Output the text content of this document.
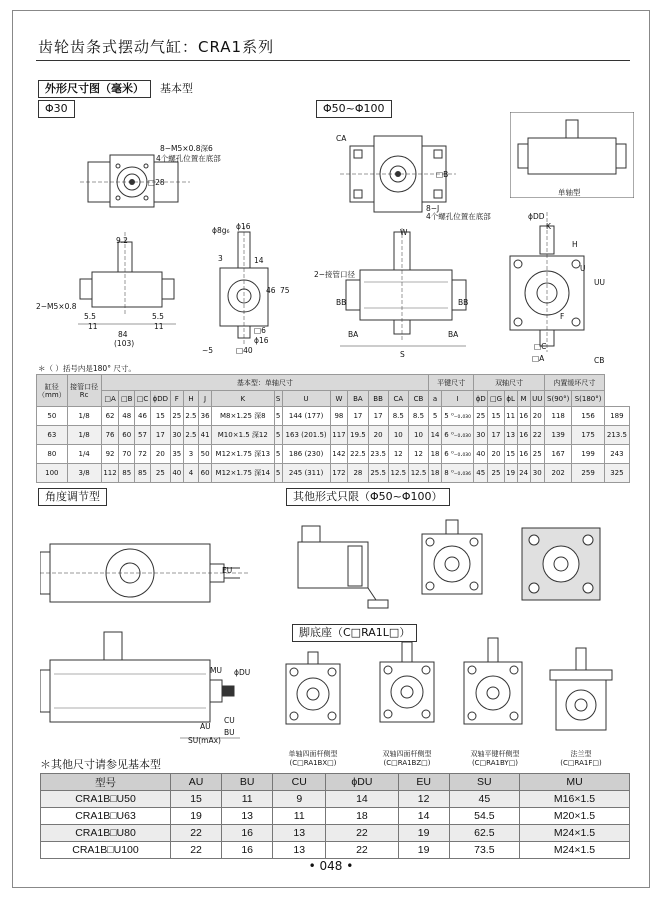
齿轮齿条式摆动气缸：CRA1系列
外形尺寸图（毫米）	基本型
Φ30	Φ50~Φ100
8−M5×0.8深6
4个螺孔位置在底部
□28
9.2
2−M5×0.8
5.5	5.5
11	11
84
(103)
ϕ8g₆ ϕ16
75
46
3	14
□6
ϕ16
□40
~5
CA
□B
8−J
4个螺孔位置在底部
W
2−接管口径
BB	BB
BA	BA
S
单轴型
ϕDD
K
H
U
UU
F
□C
□A	CB
＊（ ）括号内是180° 尺寸。
缸径（mm）	接管口径 Rc	基本型：单轴尺寸															平键尺寸		双轴尺寸					内置缓坏尺寸		
		□A	□B	□C	ϕDD	F	H	J	K	S	U	W	BA	BB	CA	CB	a	I	ϕD	□G	ϕL	M	UU	S(90°)	S(180°)	
50	1/8	62	48	46	15	25	2.5	36	M8×1.25 深8	5	144 (177)	98	17	17	8.5	8.5	5	5 ⁰₋₀.₀₃₀	25	15	11	16	20	118	156	189
63	1/8	76	60	57	17	30	2.5	41	M10×1.5 深12	5	163 (201.5)	117	19.5	20	10	10	14	6 ⁰₋₀.₀₃₀	30	17	13	16	22	139	175	213.5
80	1/4	92	70	72	20	35	3	50	M12×1.75 深13	5	186 (230)	142	22.5	23.5	12	12	18	6 ⁰₋₀.₀₃₀	40	20	15	16	25	167	199	243
100	3/8	112	85	85	25	40	4	60	M12×1.75 深14	5	245 (311)	172	28	25.5	12.5	12.5	18	8 ⁰₋₀.₀₃₆	45	25	19	24	30	202	259	325
角度调节型	其他形式只限（Φ50~Φ100）
EU
MU ϕDU
CU
AU
BU
SU(mAx)
脚底座（C□RA1L□）
单轴四面杆侧型
(C□RA1BX□)
双轴四面杆侧型
(C□RA1BZ□)
双轴平键杆侧型
(C□RA1BY□)
法兰型
(C□RA1F□)
＊其他尺寸请参见基本型
型号	AU	BU	CU	ϕDU	EU	SU	MU
CRA1B□U50	15	11	9	14	12	45	M16×1.5
CRA1B□U63	19	13	11	18	14	54.5	M20×1.5
CRA1B□U80	22	16	13	22	19	62.5	M24×1.5
CRA1B□U100	22	16	13	22	19	73.5	M24×1.5
• 048 •
